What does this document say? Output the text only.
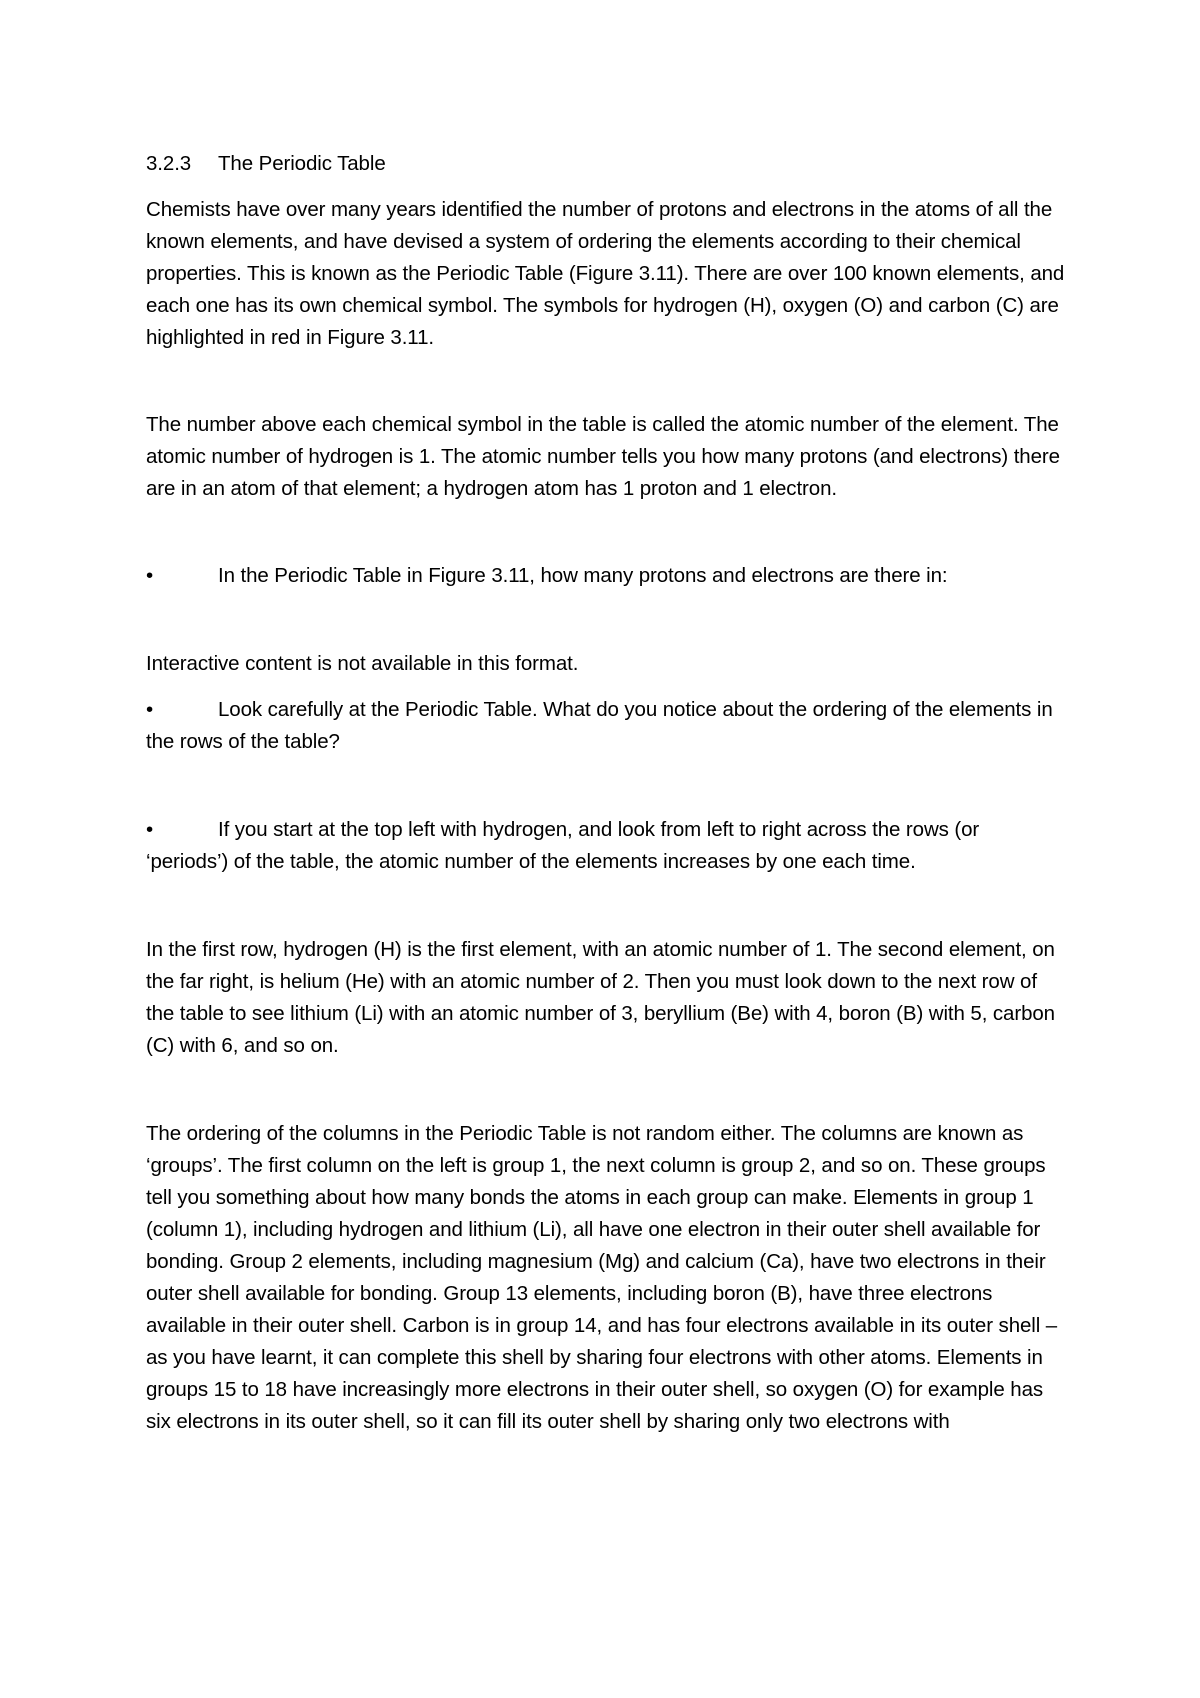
3.2.3	The Periodic Table

Chemists have over many years identified the number of protons and electrons in the atoms of all the known elements, and have devised a system of ordering the elements according to their chemical properties. This is known as the Periodic Table (Figure 3.11). There are over 100 known elements, and each one has its own chemical symbol. The symbols for hydrogen (H), oxygen (O) and carbon (C) are highlighted in red in Figure 3.11.

The number above each chemical symbol in the table is called the atomic number of the element. The atomic number of hydrogen is 1. The atomic number tells you how many protons (and electrons) there are in an atom of that element; a hydrogen atom has 1 proton and 1 electron.

•	In the Periodic Table in Figure 3.11, how many protons and electrons are there in:

Interactive content is not available in this format.

•	Look carefully at the Periodic Table. What do you notice about the ordering of the elements in the rows of the table?

•	If you start at the top left with hydrogen, and look from left to right across the rows (or ‘periods’) of the table, the atomic number of the elements increases by one each time.

In the first row, hydrogen (H) is the first element, with an atomic number of 1. The second element, on the far right, is helium (He) with an atomic number of 2. Then you must look down to the next row of the table to see lithium (Li) with an atomic number of 3, beryllium (Be) with 4, boron (B) with 5, carbon (C) with 6, and so on.

The ordering of the columns in the Periodic Table is not random either. The columns are known as ‘groups’. The first column on the left is group 1, the next column is group 2, and so on. These groups tell you something about how many bonds the atoms in each group can make. Elements in group 1 (column 1), including hydrogen and lithium (Li), all have one electron in their outer shell available for bonding. Group 2 elements, including magnesium (Mg) and calcium (Ca), have two electrons in their outer shell available for bonding. Group 13 elements, including boron (B), have three electrons available in their outer shell. Carbon is in group 14, and has four electrons available in its outer shell – as you have learnt, it can complete this shell by sharing four electrons with other atoms. Elements in groups 15 to 18 have increasingly more electrons in their outer shell, so oxygen (O) for example has six electrons in its outer shell, so it can fill its outer shell by sharing only two electrons with
